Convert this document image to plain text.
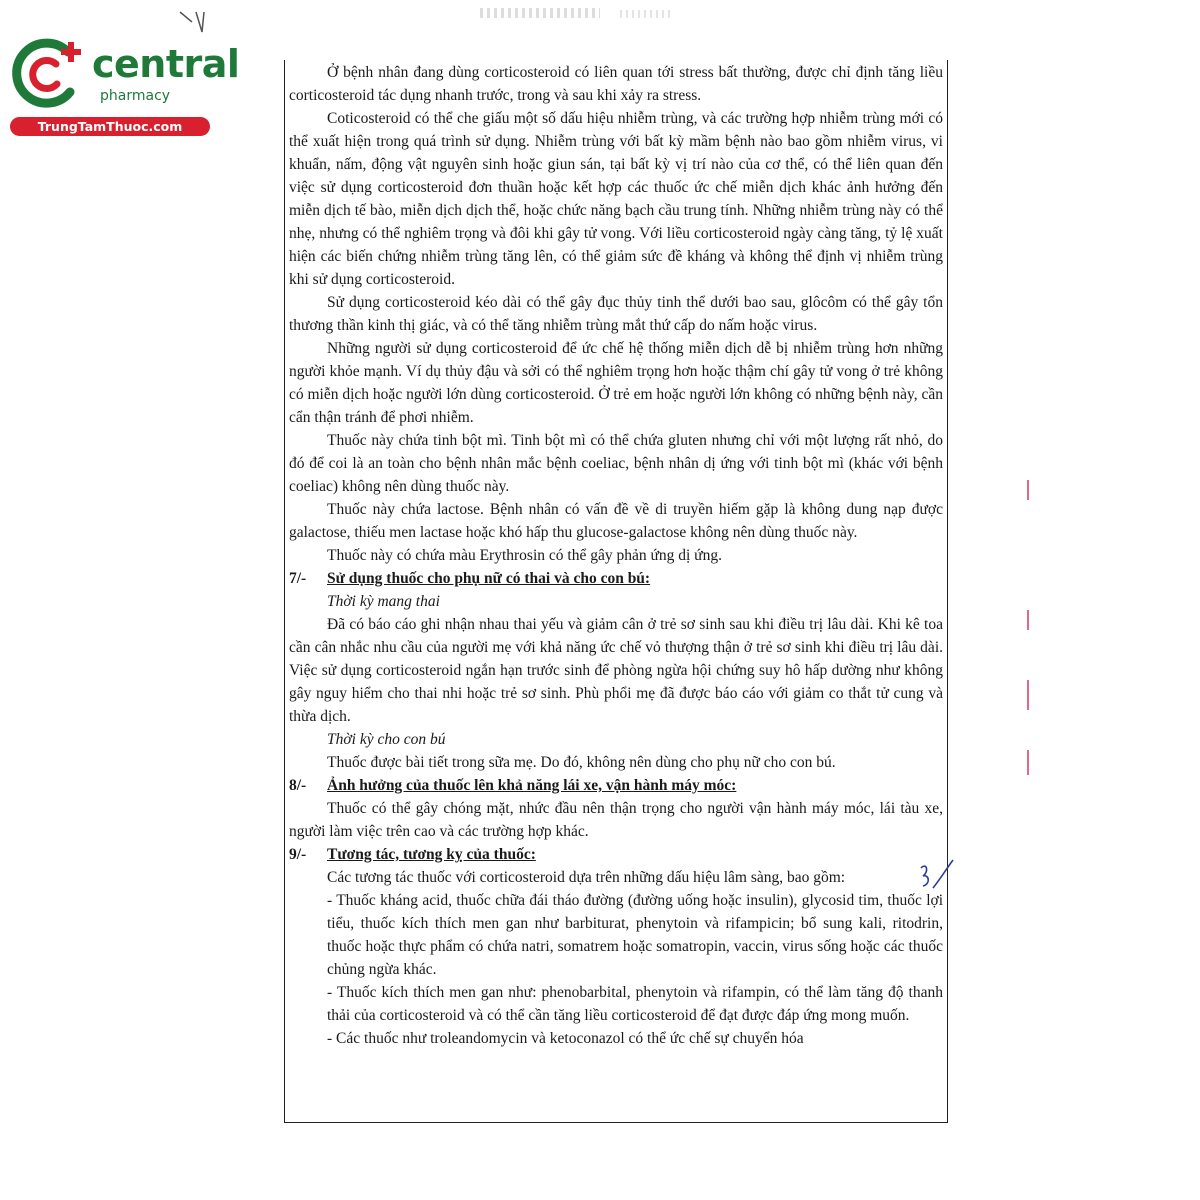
central
pharmacy
TrungTamThuoc.com

Ở bệnh nhân đang dùng corticosteroid có liên quan tới stress bất thường, được chỉ định tăng liều corticosteroid tác dụng nhanh trước, trong và sau khi xảy ra stress.

Coticosteroid có thể che giấu một số dấu hiệu nhiễm trùng, và các trường hợp nhiễm trùng mới có thể xuất hiện trong quá trình sử dụng. Nhiễm trùng với bất kỳ mầm bệnh nào bao gồm nhiễm virus, vi khuẩn, nấm, động vật nguyên sinh hoặc giun sán, tại bất kỳ vị trí nào của cơ thể, có thể liên quan đến việc sử dụng corticosteroid đơn thuần hoặc kết hợp các thuốc ức chế miễn dịch khác ảnh hưởng đến miễn dịch tế bào, miễn dịch dịch thể, hoặc chức năng bạch cầu trung tính. Những nhiễm trùng này có thể nhẹ, nhưng có thể nghiêm trọng và đôi khi gây tử vong. Với liều corticosteroid ngày càng tăng, tỷ lệ xuất hiện các biến chứng nhiễm trùng tăng lên, có thể giảm sức đề kháng và không thể định vị nhiễm trùng khi sử dụng corticosteroid.

Sử dụng corticosteroid kéo dài có thể gây đục thủy tinh thể dưới bao sau, glôcôm có thể gây tổn thương thần kinh thị giác, và có thể tăng nhiễm trùng mắt thứ cấp do nấm hoặc virus.

Những người sử dụng corticosteroid để ức chế hệ thống miễn dịch dễ bị nhiễm trùng hơn những người khỏe mạnh. Ví dụ thủy đậu và sởi có thể nghiêm trọng hơn hoặc thậm chí gây tử vong ở trẻ không có miễn dịch hoặc người lớn dùng corticosteroid. Ở trẻ em hoặc người lớn không có những bệnh này, cần cẩn thận tránh để phơi nhiễm.

Thuốc này chứa tinh bột mì. Tinh bột mì có thể chứa gluten nhưng chỉ với một lượng rất nhỏ, do đó để coi là an toàn cho bệnh nhân mắc bệnh coeliac, bệnh nhân dị ứng với tinh bột mì (khác với bệnh coeliac) không nên dùng thuốc này.

Thuốc này chứa lactose. Bệnh nhân có vấn đề về di truyền hiếm gặp là không dung nạp được galactose, thiếu men lactase hoặc khó hấp thu glucose-galactose không nên dùng thuốc này.

Thuốc này có chứa màu Erythrosin có thể gây phản ứng dị ứng.

7/-	Sử dụng thuốc cho phụ nữ có thai và cho con bú:

Thời kỳ mang thai

Đã có báo cáo ghi nhận nhau thai yếu và giảm cân ở trẻ sơ sinh sau khi điều trị lâu dài. Khi kê toa cần cân nhắc nhu cầu của người mẹ với khả năng ức chế vỏ thượng thận ở trẻ sơ sinh khi điều trị lâu dài. Việc sử dụng corticosteroid ngắn hạn trước sinh để phòng ngừa hội chứng suy hô hấp dường như không gây nguy hiểm cho thai nhi hoặc trẻ sơ sinh. Phù phổi mẹ đã được báo cáo với giảm co thắt tử cung và thừa dịch.

Thời kỳ cho con bú

Thuốc được bài tiết trong sữa mẹ. Do đó, không nên dùng cho phụ nữ cho con bú.

8/-	Ảnh hưởng của thuốc lên khả năng lái xe, vận hành máy móc:

Thuốc có thể gây chóng mặt, nhức đầu nên thận trọng cho người vận hành máy móc, lái tàu xe, người làm việc trên cao và các trường hợp khác.

9/-	Tương tác, tương kỵ của thuốc:

Các tương tác thuốc với corticosteroid dựa trên những dấu hiệu lâm sàng, bao gồm:

- Thuốc kháng acid, thuốc chữa đái tháo đường (đường uống hoặc insulin), glycosid tim, thuốc lợi tiểu, thuốc kích thích men gan như barbiturat, phenytoin và rifampicin; bổ sung kali, ritodrin, thuốc hoặc thực phẩm có chứa natri, somatrem hoặc somatropin, vaccin, virus sống hoặc các thuốc chủng ngừa khác.

- Thuốc kích thích men gan như: phenobarbital, phenytoin và rifampin, có thể làm tăng độ thanh thải của corticosteroid và có thể cần tăng liều corticosteroid để đạt được đáp ứng mong muốn.

- Các thuốc như troleandomycin và ketoconazol có thể ức chế sự chuyển hóa
